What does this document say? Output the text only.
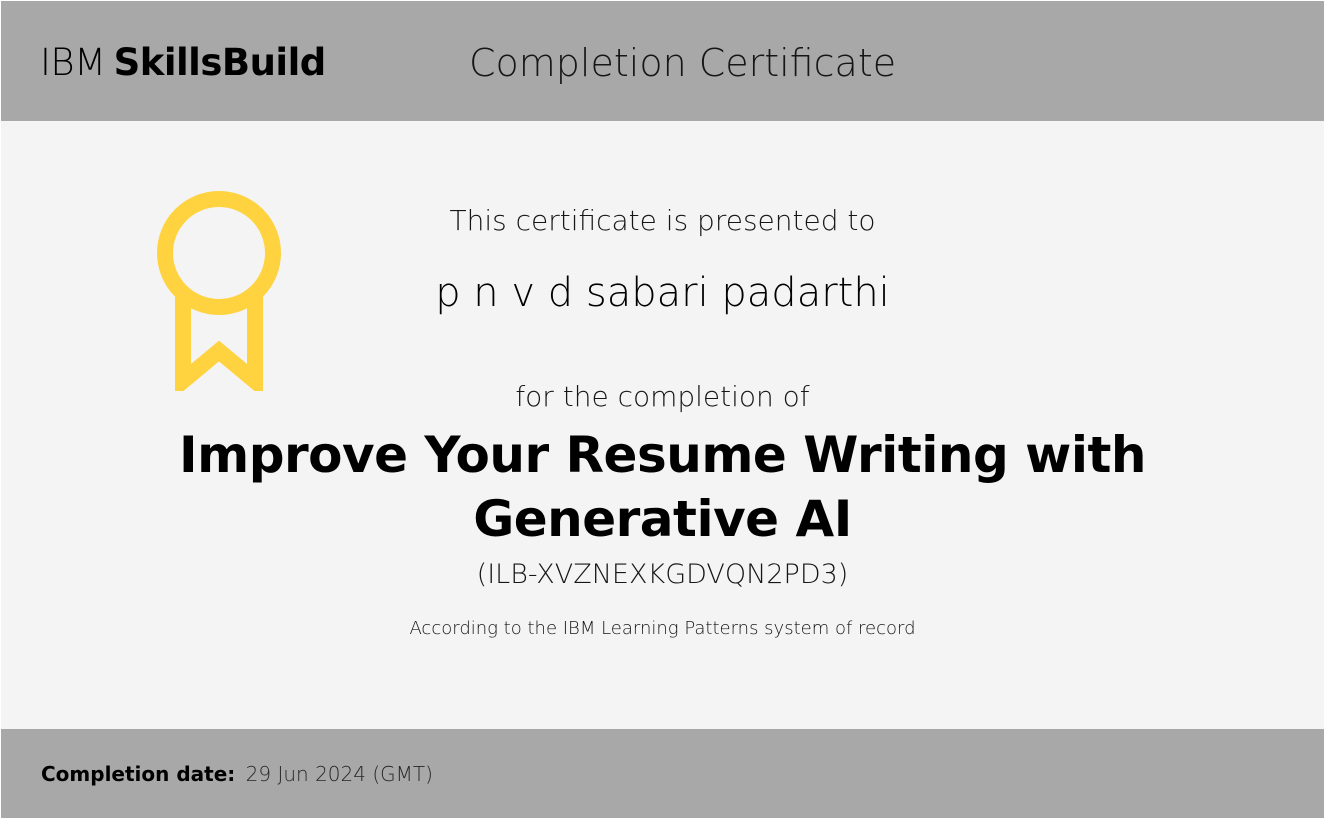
IBM SkillsBuild	Completion Certificate
This certificate is presented to
p n v d sabari padarthi
for the completion of
Improve Your Resume Writing with Generative AI
(ILB-XVZNEXKGDVQN2PD3)
According to the IBM Learning Patterns system of record
Completion date: 29 Jun 2024 (GMT)
